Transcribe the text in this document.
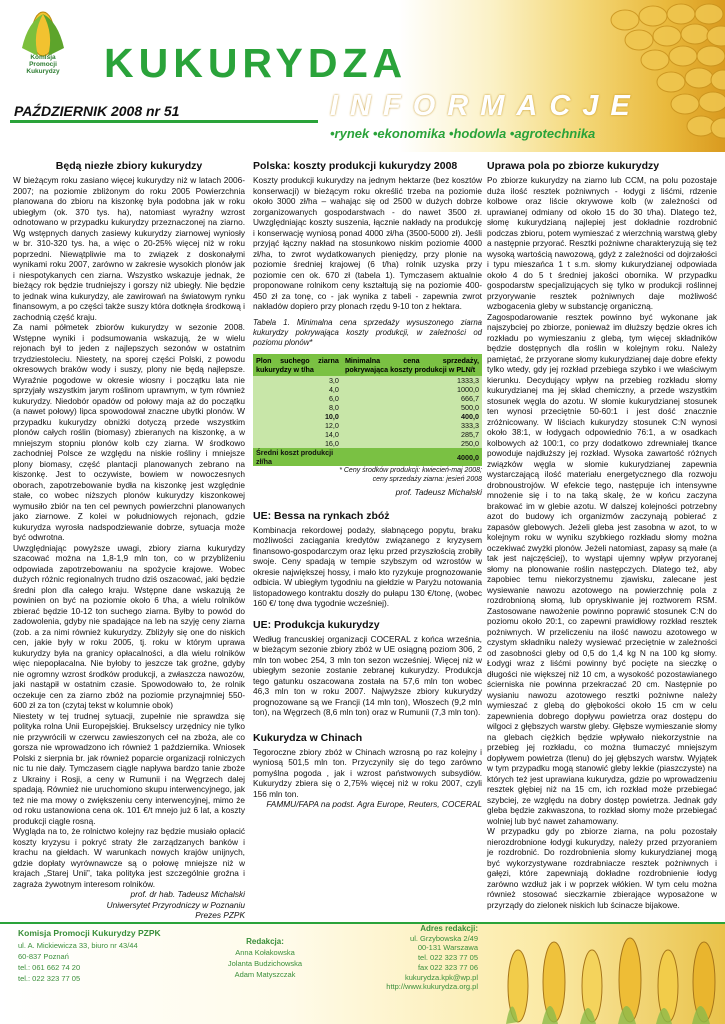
Komisja Promocji Kukurydzy KUKURYDZA
INFORMACJE
PAŹDZIERNIK 2008 nr 51
•rynek •ekonomika •hodowla •agrotechnika
Będą niezłe zbiory kukurydzy

W bieżącym roku zasiano więcej kukurydzy niż w latach 2006-2007; na poziomie zbliżonym do roku 2005 Powierzchnia planowana do zbioru na kiszonkę była podobna jak w roku ubiegłym (ok. 370 tys. ha), natomiast wyraźny wzrost odnotowano w przypadku kukurydzy przeznaczonej na ziarno. Wg wstępnych danych zasiewy kukurydzy ziarnowej wyniosły w br. 310-320 tys. ha, a więc o 20-25% więcej niż w roku poprzedni. Niewątpliwie ma to związek z doskonałymi wynikami roku 2007, zarówno w zakresie wysokich plonów jak i niespotykanych cen ziarna. Wszystko wskazuje jednak, że bieżący rok będzie trudniejszy i gorszy niż ubiegły. Nie będzie to jednak wina kukurydzy, ale zawirowań na światowym rynku finansowym, a po części także suszy która dotknęła środkową i zachodnią część kraju.

Za nami półmetek zbiorów kukurydzy w sezonie 2008. Wstępne wyniki i podsumowania wskazują, że w wielu rejonach był to jeden z najlepszych sezonów w ostatnim trzydziestoleciu. Niestety, na sporej części Polski, z powodu okresowych braków wody i suszy, plony nie będą najlepsze. Wyraźnie pogodowe w okresie wiosny i początku lata nie sprzyjały wszystkim jarym roślinom uprawnym, w tym również kukurydzy. Niedobór opadów od połowy maja aż do początku (a nawet połowy) lipca spowodował znaczne ubytki plonów. W przypadku kukurydzy obniżki dotyczą przede wszystkim plonów całych roślin (biomasy) zbieranych na kiszonkę, a w mniejszym stopniu plonów kolb czy ziarna. W środkowo zachodniej Polsce ze względu na niskie rośliny i mniejsze plony biomasy, część plantacji planowanych zebrano na kiszonkę. Jest to oczywiste, bowiem w nowoczesnych oborach, zapotrzebowanie bydła na kiszonkę jest względnie stałe, co wobec niższych plonów kukurydzy kiszonkowej wymusiło zbiór na ten cel pewnych powierzchni planowanych jako ziarnowe. Z kolei w południowych rejonach, gdzie kukurydza wyrosła nadspodziewanie dobrze, sytuacja może być odwrotna.

Uwzględniając powyższe uwagi, zbiory ziarna kukurydzy szacować można na 1,8-1,9 mln ton, co w przybliżeniu odpowiada zapotrzebowaniu na spożycie krajowe. Wobec dużych różnic regionalnych trudno dziś oszacować, jaki będzie średni plon dla całego kraju. Wstępne dane wskazują że powinien on być na poziomie około 6 t/ha, a wielu rolników zbierać będzie 10-12 ton suchego ziarna. Byłby to powód do zadowolenia, gdyby nie spadające na leb na szyję ceny ziarna (zob. a za nimi również kukurydzy. Zbliżyły się one do niskich cen, jakie były w roku 2005, tj. roku w którym uprawa kukurydzy była na granicy opłacalności, a dla wielu rolników więc niepopłacalna. Nie byłoby to jeszcze tak groźne, gdyby nie ogromny wzrost środków produkcji, a zwłaszcza nawozów, jaki nastąpił w ostatnim czasie. Spowodowało to, że rolnik oczekuje cen za ziarno zbóż na poziomie przynajmniej 550-600 zł za ton (czytaj tekst w kolumnie obok)

Niestety w tej trudnej sytuacji, zupełnie nie sprawdza się polityka rolna Unii Europejskiej. Brukselscy urzędnicy nie tylko nie przywrócili w czerwcu zawieszonych ceł na zboża, ale co gorsza nie wprowadzono ich również 1 października. Wniosek Polski z sierpnia br. jak również poparcie organizacji rolniczych nic tu nie dały. Tymczasem ciągle napływa bardzo tanie zboże z Ukrainy i Rosji, a ceny w Rumunii i na Węgrzech dalej spadają. Również nie uruchomiono skupu interwencyjnego, jak też nie ma mowy o zwiększeniu ceny interwencyjnej, mimo że od roku ustanowiona cena ok. 101 €/t mnejo już 6 lat, a koszty produkcji ciągle rosną.

Wygląda na to, że rolnictwo kolejny raz będzie musiało opłacić koszty kryzysu i pokryć straty źle zarządzanych banków i krachu na giełdach. W warunkach nowych krajów unijnych, gdzie dopłaty wyrównawcze są o połowę mniejsze niż w krajach „Starej Unii”, taka polityka jest szczególnie groźna i zagraża żywotnym interesom rolników.

prof. dr hab. Tadeusz Michalski

Uniwersytet Przyrodniczy w Poznaniu

Prezes PZPK

Polska: koszty produkcji kukurydzy 2008

Koszty produkcji kukurydzy na jednym hektarze (bez kosztów konserwacji) w bieżącym roku określić trzeba na poziomie około 3000 zł/ha – wahając się od 2500 w dużych dobrze zorganizowanych gospodarstwach - do nawet 3500 zł. Uwzględniając koszty suszenia, łącznie nakłady na produkcję i konserwację wyniosą ponad 4000 zł/ha (3500-5000 zł). Jeśli przyjąć łączny nakład na stosunkowo niskim poziomie 4000 zł/ha, to zwrot wydatkowanych pieniędzy, przy plonie na poziomie średniej krajowej (6 t/ha) rolnik uzyska przy poziomie cen ok. 670 zł (tabela 1). Tymczasem aktualnie proponowane rolnikom ceny kształtują się na poziomie 400-450 zł za tonę, co - jak wynika z tabeli - zapewnia zwrot nakładów dopiero przy plonach rzędu 9-10 ton z hektara.

Tabela 1. Minimalna cena sprzedaży wysuszonego ziarna kukurydzy pokrywająca koszty produkcji, w zależności od poziomu plonów*

Plon suchego ziarna kukurydzy w t/ha	Minimalna cena sprzedaży, pokrywająca koszty produkcji w PLN/t
3,0	1333,3
4,0	1000,0
6,0	666,7
8,0	500,0
10,0	400,0
12,0	333,3
14,0	285,7
16,0	250,0
Średni koszt produkcji zł/ha	4000,0

* Ceny środków produkcji: kwiecień-maj 2008;

ceny sprzedaży ziarna: jesień 2008

prof. Tadeusz Michalski

UE: Bessa na rynkach zbóż

Kombinacja rekordowej podaży, słabnącego popytu, braku możliwości zaciągania kredytów związanego z kryzysem finansowo-gospodarczym oraz lęku przed przyszłością zrobiły swoje. Ceny spadają w tempie szybszym od wzrostów w okresie największej hossy, i mało kto ryzykuje prognozowanie odbicia. W ubiegłym tygodniu na giełdzie w Paryżu notowania listopadowego kontraktu doszły do pułapu 130 €/tonę, (wobec 160 €/ tonę dwa tygodnie wcześniej).

UE: Produkcja kukurydzy

Według francuskiej organizacji COCERAL z końca września, w bieżącym sezonie zbiory zbóż w UE osiągną poziom 306, 2 mln ton wobec 254, 3 mln ton sezon wcześniej. Więcej niż w ubiegłym sezonie zostanie zebranej kukurydzy. Produkcja tego gatunku oszacowana została na 57,6 mln ton wobec 46,3 mln ton w roku 2007. Najwyższe zbiory kukurydzy prognozowane są we Francji (14 mln ton), Włoszech (9,2 mln ton), na Węgrzech (8,6 mln ton) oraz w Rumunii (7,3 mln ton).

Kukurydza w Chinach

Tegoroczne zbiory zbóż w Chinach wzrosną po raz kolejny i wyniosą 501,5 mln ton. Przyczynily się do tego zarówno pomyślna pogoda , jak i wzrost państwowych subsydiów. Kukurydzy zbiera się o 2,75% więcej niż w roku 2007, czyli 156 mln ton.

FAMMU/FAPA na podst. Agra Europe, Reuters, COCERAL

Uprawa pola po zbiorze kukurydzy

Po zbiorze kukurydzy na ziarno lub CCM, na polu pozostaje duża ilość resztek pożniwnych - łodygi z liśćmi, rdzenie kolbowe oraz liście okrywowe kolb (w zależności od uprawianej odmiany od około 15 do 30 t/ha). Dlatego też, słomę kukurydzianą najlepiej jest dokładnie rozdrobnić podczas zbioru, potem wymieszać z wierzchnią warstwą gleby a następnie przyorać. Resztki pożniwne charakteryzują się też wysoką wartością nawozową, gdyż z zależności od dojrzałości i typu mieszańca 1 t s.m. słomy kukurydzianej odpowiada około 4 do 5 t średniej jakości obornika. W przypadku gospodarstw specjalizujących się tylko w produkcji roślinnej przyorywanie resztek pożniwnych daje możliwość wzbogacenia gleby w substancję organiczną.

Zagospodarowanie resztek powinno być wykonane jak najszybciej po zbiorze, ponieważ im dłuższy będzie okres ich rozkładu po wymieszaniu z glebą, tym więcej składników będzie dostępnych dla roślin w kolejnym roku. Należy pamiętać, że przyorane słomy kukurydzianej daje dobre efekty tylko wtedy, gdy jej rozkład przebiega szybko i we właściwym kierunku. Decydujący wpływ na przebieg rozkładu słomy kukurydzianej ma jej skład chemiczny, a przede wszystkim stosunek węgla do azotu. W słomie kukurydzianej stosunek ten wynosi przeciętnie 50-60:1 i jest dość znacznie zróżnicowany. W liściach kukurydzy stosunek C:N wynosi około 38:1, w łodygach odpowiednio 76:1, a w osadkach kolbowych aż 100:1, co przy dodatkowo zdrewniałej tkance powoduje najdłuższy jej rozkład. Wysoka zawartość różnych związków węgla w słomie kukurydzianej zapewnia wystarczającą ilość materiału energetycznego dla rozwoju drobnoustrojów. W efekcie tego, następuje ich intensywne mnożenie się i to na taką skalę, że w końcu zaczyna brakować im w glebie azotu. W dalszej kolejności potrzebny azot do budowy ich organizmów zaczynają pobierać z zapasów glebowych. Jeżeli gleba jest zasobna w azot, to w kolejnym roku w wyniku szybkiego rozkładu słomy można oczekiwać zwyżki plonów. Jeżeli natomiast, zapasy są małe (a tak jest najczęściej), to wystąpi ujemny wpływ przyoranej słomy na plonowanie roślin następczych. Dlatego też, aby zapobiec temu niekorzystnemu zjawisku, zalecane jest wysiewanie nawozu azotowego na powierzchnię pola z rozdrobnioną słomą, lub opryskiwanie jej roztworem RSM. Zastosowane nawożenie powinno poprawić stosunek C:N do poziomu około 20:1, co zapewni prawidłowy rozkład resztek pożniwnych. W przeliczeniu na ilość nawozu azotowego w czystym składniku należy wysiewać przeciętnie w zależności od zasobności gleby od 0,5 do 1,4 kg N na 100 kg słomy. Łodygi wraz z liśćmi powinny być pocięte na sieczkę o długości nie większej niż 10 cm, a wysokość pozostawianego ścierniska nie powinna przekraczać 20 cm. Następnie po wysianiu nawozu azotowego resztki pożniwne należy wymieszać z glebą do głębokości około 15 cm w celu zapewnienia dobrego dopływu powietrza oraz dostępu do wilgoci z głębszych warstw gleby. Głębsze wymieszanie słomy na glebach ciężkich będzie wpływało niekorzystnie na przebieg jej rozkładu, co można tłumaczyć mniejszym dopływem powietrza (tlenu) do jej głębszych warstw. Wyjątek w tym przypadku mogą stanowić gleby lekkie (piaszczyste) na których też jest uprawiana kukurydza, gdzie po wprowadzeniu resztek głębiej niż na 15 cm, ich rozkład może przebiegać szybciej, ze względu na dobry dostęp powietrza. Jednak gdy gleba będzie zakwaszona, to rozkład słomy może przebiegać wolniej lub być nawet zahamowany.

W przypadku gdy po zbiorze ziarna, na polu pozostały nierozdrobnione łodygi kukurydzy, należy przed przyoraniem je rozdrobnić. Do rozdrobnienia słomy kukurydzianej mogą być wykorzystywane rozdrabniacze resztek pożniwnych i gałęzi, które zapewniają dokładne rozdrobnienie łodyg zarówno wzdłuż jak i w poprzek włókien. W tym celu można również stosować sieczkarnie zbierające wyposażone w przyrządy do zielonek niskich lub ścinacze bijakowe.

Komisja Promocji Kukurydzy PZPK
ul. A. Mickiewicza 33, biuro nr 43/44
60-837 Poznań
tel.: 061 662 74 20
tel.: 022 323 77 05
Redakcja:
Anna Kołakowska
Jolanta Budzichowska
Adam Matyszczak
Adres redakcji:
ul. Grzybowska 2/49
00-131 Warszawa
tel. 022 323 77 05
fax 022 323 77 06
kukurydza.kpk@wp.pl
http://www.kukurydza.org.pl
